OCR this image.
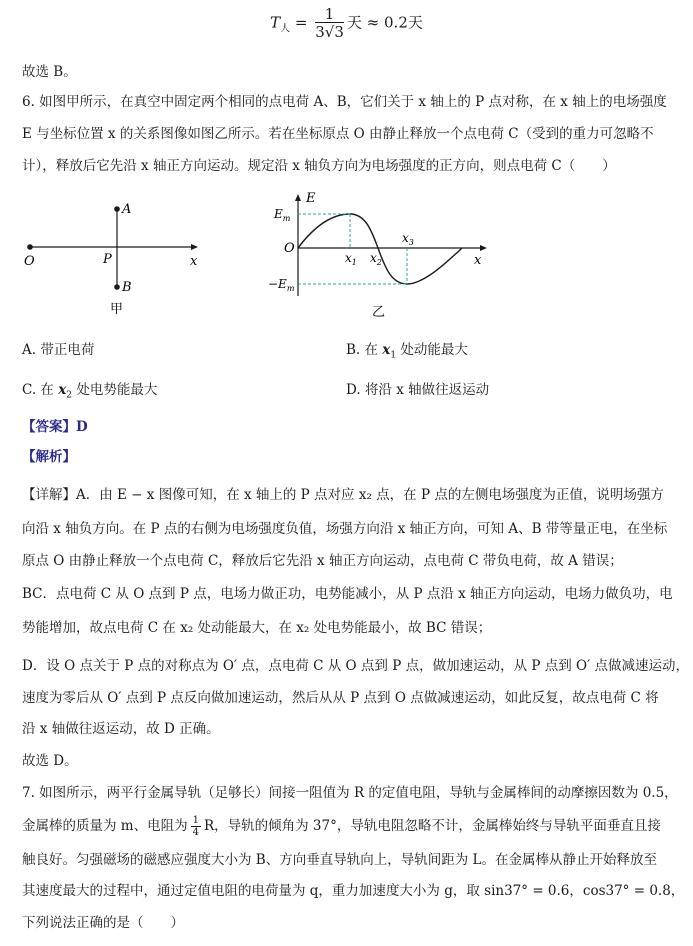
$T_人 = \frac{1}{3√3}$ 天 ≈ 0.2天
故选 B。
6. 如图甲所示，在真空中固定两个相同的点电荷 A、B，它们关于 x 轴上的 P 点对称，在 x 轴上的电场强度
E 与坐标位置 x 的关系图像如图乙所示。若在坐标原点 O 由静止释放一个点电荷 C（受到的重力可忽略不
计），释放后它先沿 x 轴正方向运动。规定沿 x 轴负方向为电场强度的正方向，则点电荷 C（　　）
A
B
O	P	x
甲
E
$E_m$
O
$x_1$ $x_2$
$x_3$
x
$-E_m$
乙
A. 带正电荷	B. 在 $x_1$ 处动能最大
C. 在 $x_2$ 处电势能最大	D. 将沿 x 轴做往返运动
【答案】D
【解析】
【详解】A．由 E − x 图像可知，在 x 轴上的 P 点对应 x₂ 点，在 P 点的左侧电场强度为正值，说明场强方
向沿 x 轴负方向。在 P 点的右侧为电场强度负值，场强方向沿 x 轴正方向，可知 A、B 带等量正电，在坐标
原点 O 由静止释放一个点电荷 C，释放后它先沿 x 轴正方向运动，点电荷 C 带负电荷，故 A 错误；
BC．点电荷 C 从 O 点到 P 点，电场力做正功，电势能减小，从 P 点沿 x 轴正方向运动，电场力做负功，电
势能增加，故点电荷 C 在 x₂ 处动能最大，在 x₂ 处电势能最小，故 BC 错误；
D．设 O 点关于 P 点的对称点为 O′ 点，点电荷 C 从 O 点到 P 点，做加速运动，从 P 点到 O′ 点做减速运动，
速度为零后从 O′ 点到 P 点反向做加速运动，然后从从 P 点到 O 点做减速运动，如此反复，故点电荷 C 将
沿 x 轴做往返运动，故 D 正确。
故选 D。
7. 如图所示，两平行金属导轨（足够长）间接一阻值为 R 的定值电阻，导轨与金属棒间的动摩擦因数为 0.5，
金属棒的质量为 m、电阻为 $\frac{1}{4}$ R，导轨的倾角为 37°，导轨电阻忽略不计，金属棒始终与导轨平面垂直且接
触良好。匀强磁场的磁感应强度大小为 B、方向垂直导轨向上，导轨间距为 L。在金属棒从静止开始释放至
其速度最大的过程中，通过定值电阻的电荷量为 q，重力加速度大小为 g，取 sin37° = 0.6，cos37° = 0.8，
下列说法正确的是（　　）
